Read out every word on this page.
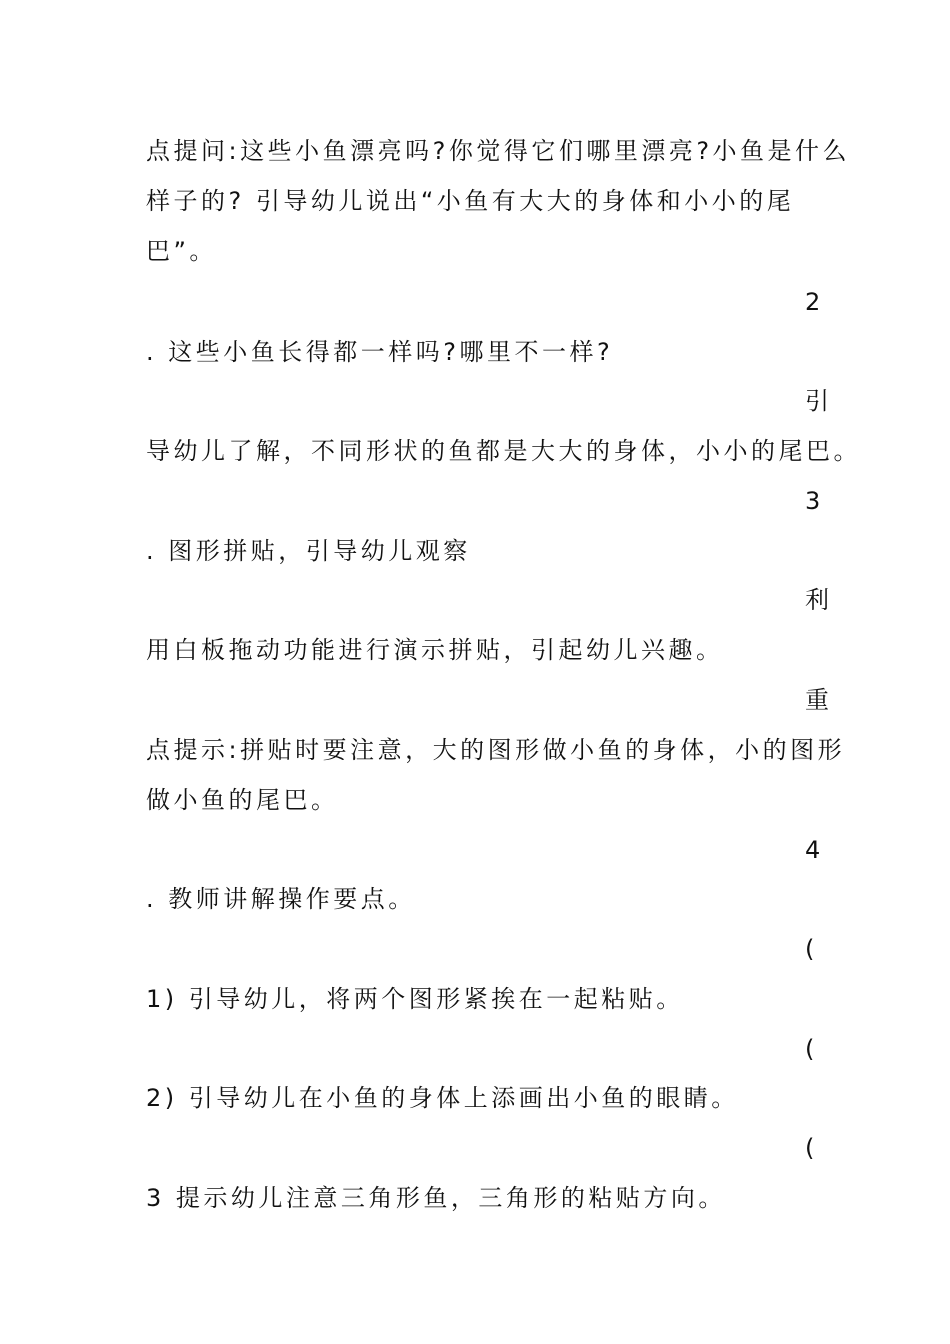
点提问:这些小鱼漂亮吗?你觉得它们哪里漂亮?小鱼是什么
样子的? 引导幼儿说出“小鱼有大大的身体和小小的尾
巴”。
2
. 这些小鱼长得都一样吗?哪里不一样?
引
导幼儿了解，不同形状的鱼都是大大的身体，小小的尾巴。
3
. 图形拼贴，引导幼儿观察
利
用白板拖动功能进行演示拼贴，引起幼儿兴趣。
重
点提示:拼贴时要注意，大的图形做小鱼的身体，小的图形
做小鱼的尾巴。
4
. 教师讲解操作要点。
(
1) 引导幼儿，将两个图形紧挨在一起粘贴。
(
2) 引导幼儿在小鱼的身体上添画出小鱼的眼睛。
(
3 提示幼儿注意三角形鱼，三角形的粘贴方向。
